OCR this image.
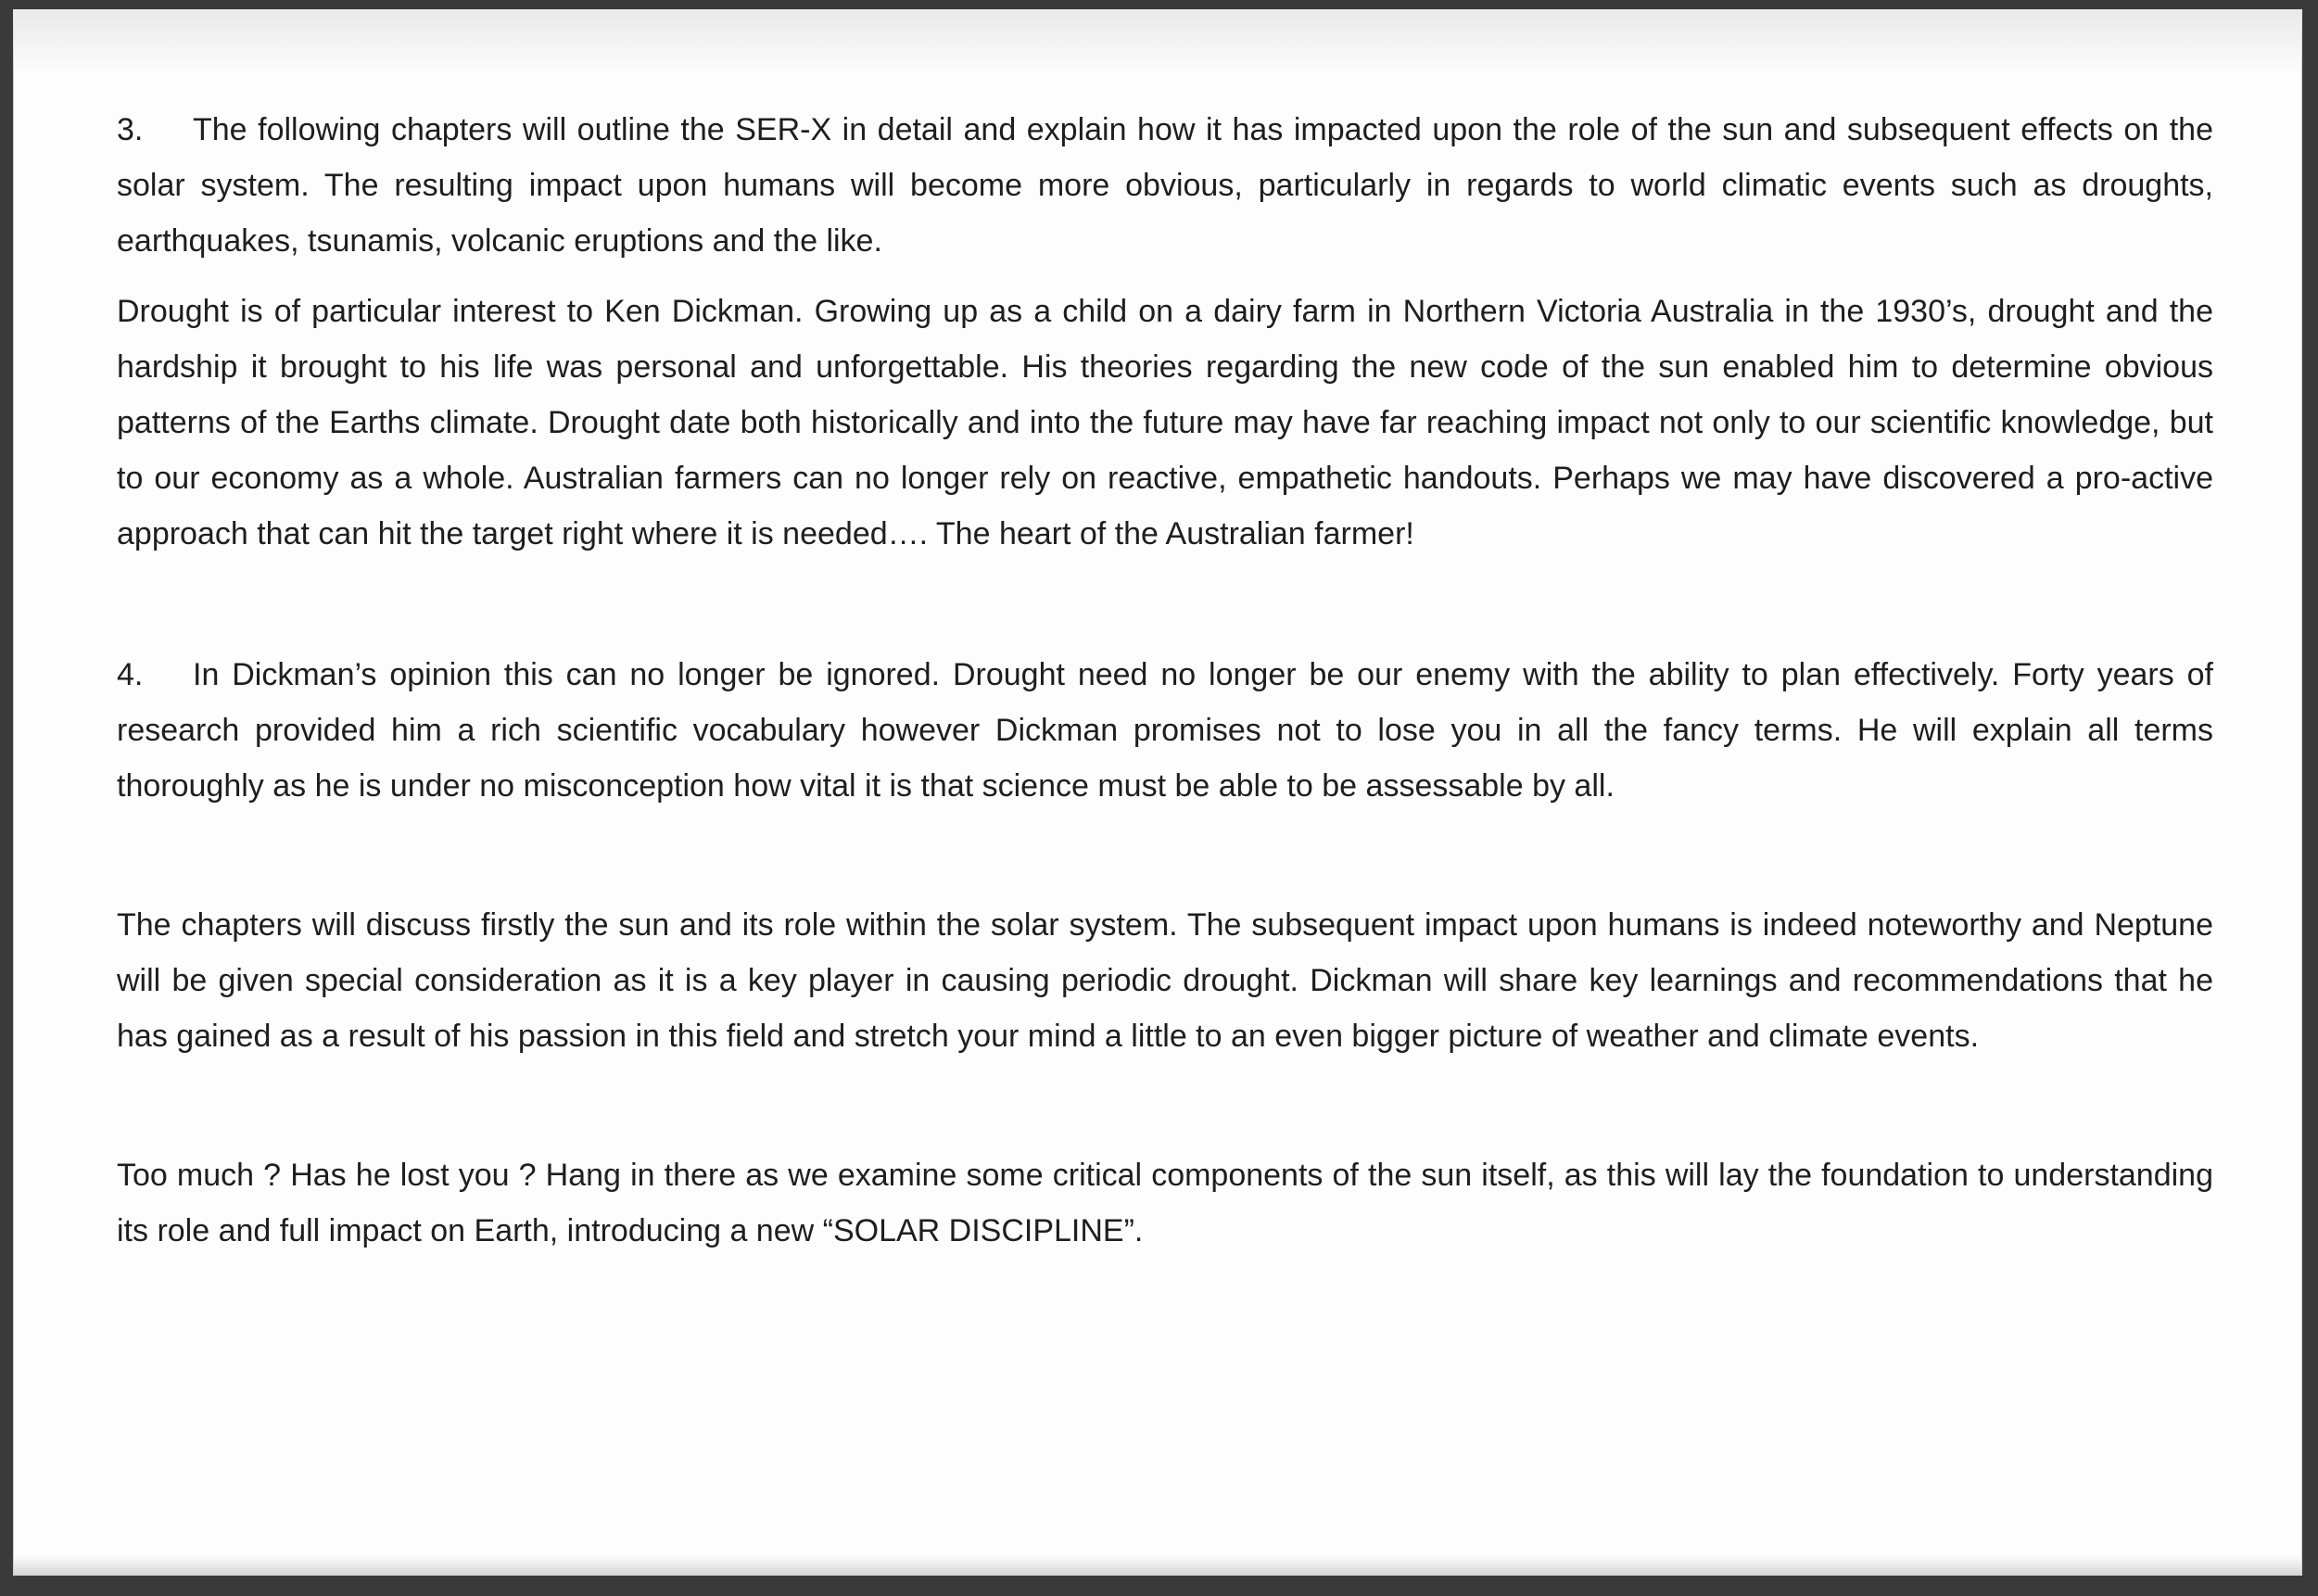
3. The following chapters will outline the SER-X in detail and explain how it has impacted upon the role of the sun and subsequent effects on the solar system. The resulting impact upon humans will become more obvious, particularly in regards to world climatic events such as droughts, earthquakes, tsunamis, volcanic eruptions and the like.

Drought is of particular interest to Ken Dickman. Growing up as a child on a dairy farm in Northern Victoria Australia in the 1930’s, drought and the hardship it brought to his life was personal and unforgettable. His theories regarding the new code of the sun enabled him to determine obvious patterns of the Earths climate. Drought date both historically and into the future may have far reaching impact not only to our scientific knowledge, but to our economy as a whole. Australian farmers can no longer rely on reactive, empathetic handouts. Perhaps we may have discovered a pro-active approach that can hit the target right where it is needed…. The heart of the Australian farmer!

4. In Dickman’s opinion this can no longer be ignored. Drought need no longer be our enemy with the ability to plan effectively. Forty years of research provided him a rich scientific vocabulary however Dickman promises not to lose you in all the fancy terms. He will explain all terms thoroughly as he is under no misconception how vital it is that science must be able to be assessable by all.

The chapters will discuss firstly the sun and its role within the solar system. The subsequent impact upon humans is indeed noteworthy and Neptune will be given special consideration as it is a key player in causing periodic drought. Dickman will share key learnings and recommendations that he has gained as a result of his passion in this field and stretch your mind a little to an even bigger picture of weather and climate events.

Too much ? Has he lost you ? Hang in there as we examine some critical components of the sun itself, as this will lay the foundation to understanding its role and full impact on Earth, introducing a new “SOLAR DISCIPLINE”.
